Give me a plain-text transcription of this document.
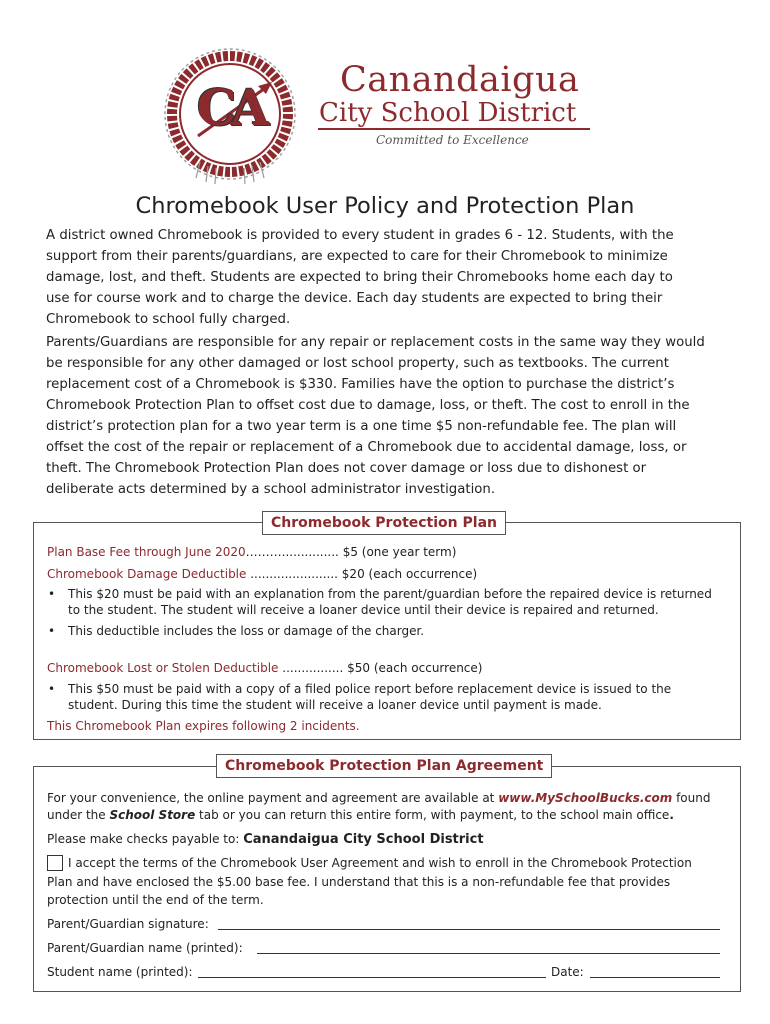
CA Canandaigua
City School District
Committed to Excellence
Chromebook User Policy and Protection Plan
A district owned Chromebook is provided to every student in grades 6 - 12. Students, with the
support from their parents/guardians, are expected to care for their Chromebook to minimize
damage, lost, and theft. Students are expected to bring their Chromebooks home each day to
use for course work and to charge the device. Each day students are expected to bring their
Chromebook to school fully charged.
Parents/Guardians are responsible for any repair or replacement costs in the same way they would
be responsible for any other damaged or lost school property, such as textbooks. The current
replacement cost of a Chromebook is $330. Families have the option to purchase the district’s
Chromebook Protection Plan to offset cost due to damage, loss, or theft. The cost to enroll in the
district’s protection plan for a two year term is a one time $5 non-refundable fee. The plan will
offset the cost of the repair or replacement of a Chromebook due to accidental damage, loss, or
theft. The Chromebook Protection Plan does not cover damage or loss due to dishonest or
deliberate acts determined by a school administrator investigation.
Chromebook Protection Plan
Plan Base Fee through June 2020………............... $5 (one year term)
Chromebook Damage Deductible ....................... $20 (each occurrence)
• This $20 must be paid with an explanation from the parent/guardian before the repaired device is returned
to the student. The student will receive a loaner device until their device is repaired and returned.
• This deductible includes the loss or damage of the charger.
Chromebook Lost or Stolen Deductible ................ $50 (each occurrence)
• This $50 must be paid with a copy of a filed police report before replacement device is issued to the
student. During this time the student will receive a loaner device until payment is made.
This Chromebook Plan expires following 2 incidents.
Chromebook Protection Plan Agreement
For your convenience, the online payment and agreement are available at www.MySchoolBucks.com found
under the School Store tab or you can return this entire form, with payment, to the school main office.
Please make checks payable to: Canandaigua City School District
I accept the terms of the Chromebook User Agreement and wish to enroll in the Chromebook Protection
Plan and have enclosed the $5.00 base fee. I understand that this is a non-refundable fee that provides
protection until the end of the term.
Parent/Guardian signature:
Parent/Guardian name (printed):
Student name (printed):	Date:
